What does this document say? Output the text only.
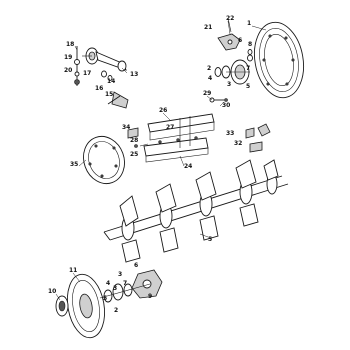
1
22
21
18
19
20 17	13
14
16
15
6
8
2	7
4
3 5
29
30
26
27
34
28
25
24
33
32
35
5
11
3
6
4
3
7
10
5
2
9
